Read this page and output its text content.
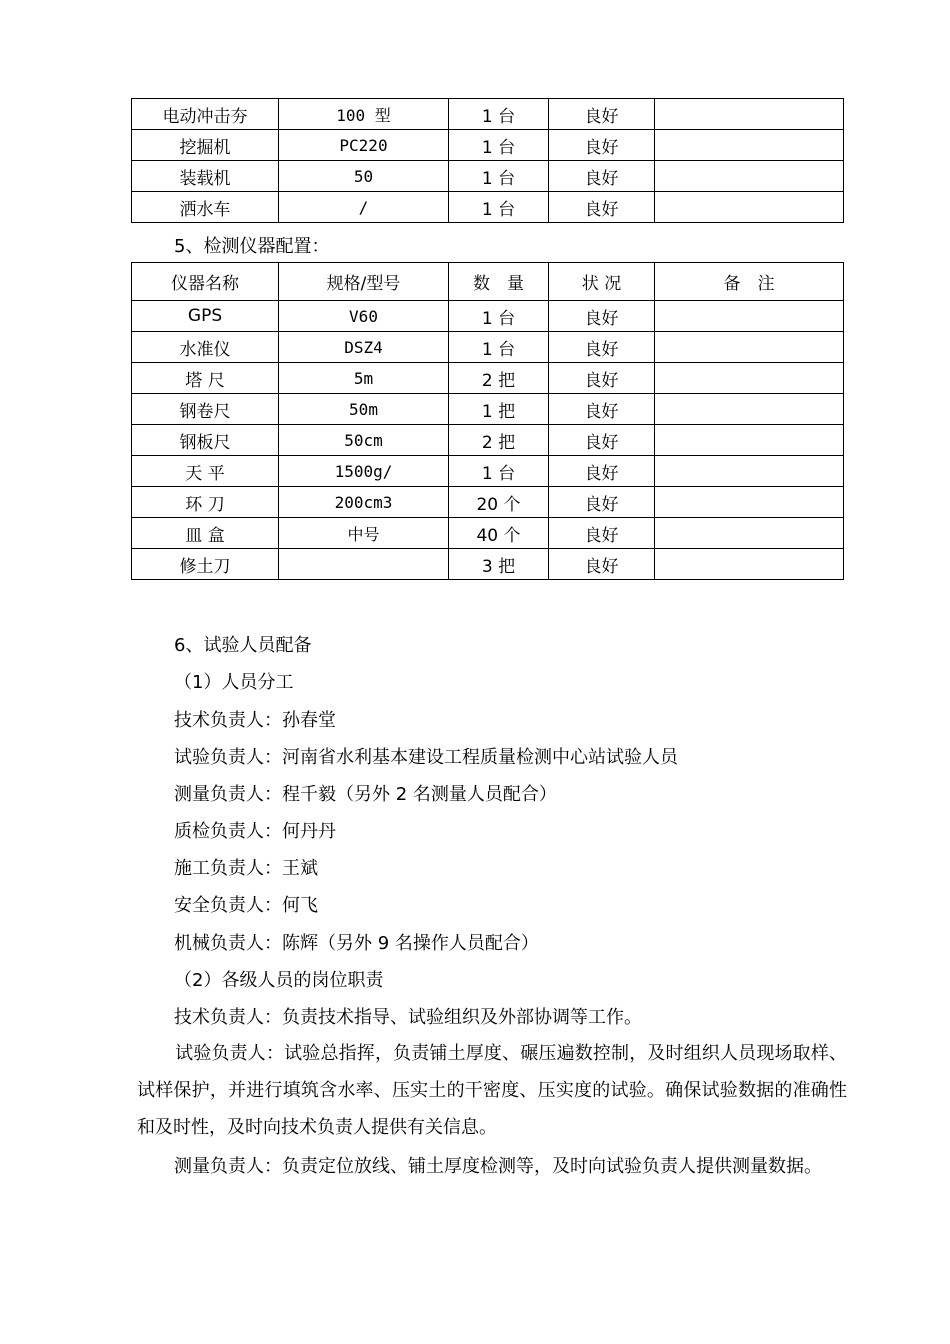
电动冲击夯	100 型	1 台	良好	
挖掘机	PC220	1 台	良好	
装载机	50	1 台	良好	
洒水车	/	1 台	良好	
5、检测仪器配置：
仪器名称	规格/型号	数　量	状 况	备　注
GPS	V60	1 台	良好	
水准仪	DSZ4	1 台	良好	
塔 尺	5m	2 把	良好	
钢卷尺	50m	1 把	良好	
钢板尺	50cm	2 把	良好	
天 平	1500g/	1 台	良好	
环 刀	200cm3	20 个	良好	
皿 盒	中号	40 个	良好	
修土刀		3 把	良好	
6、试验人员配备
（1）人员分工
技术负责人：孙春堂
试验负责人：河南省水利基本建设工程质量检测中心站试验人员
测量负责人：程千毅（另外 2 名测量人员配合）
质检负责人：何丹丹
施工负责人：王斌
安全负责人：何飞
机械负责人：陈辉（另外 9 名操作人员配合）
（2）各级人员的岗位职责
技术负责人：负责技术指导、试验组织及外部协调等工作。
试验负责人：试验总指挥，负责铺土厚度、碾压遍数控制，及时组织人员现场取样、试样保护，并进行填筑含水率、压实土的干密度、压实度的试验。确保试验数据的准确性和及时性，及时向技术负责人提供有关信息。
测量负责人：负责定位放线、铺土厚度检测等，及时向试验负责人提供测量数据。
